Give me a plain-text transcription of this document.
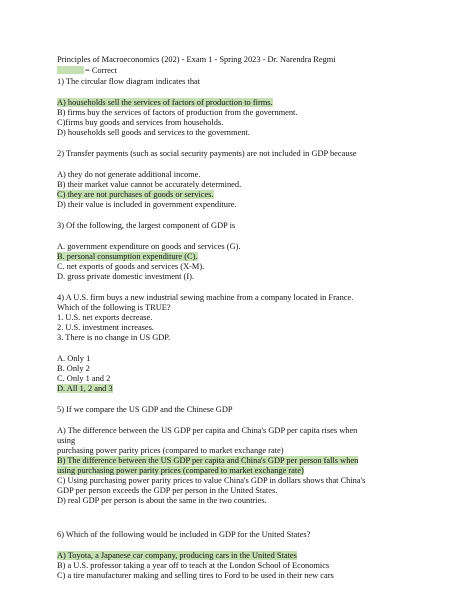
Principles of Macroeconomics (202) - Exam 1 - Spring 2023 - Dr. Narendra Regmi
= Correct
1) The circular flow diagram indicates that
A) households sell the services of factors of production to firms.
B) firms buy the services of factors of production from the government.
C)firms buy goods and services from households.
D) households sell goods and services to the government.
2) Transfer payments (such as social security payments) are not included in GDP because
A) they do not generate additional income.
B) their market value cannot be accurately determined.
C) they are not purchases of goods or services.
D) their value is included in government expenditure.
3) Of the following, the largest component of GDP is
A. government expenditure on goods and services (G).
B. personal consumption expenditure (C).
C. net exports of goods and services (X-M).
D. gross private domestic investment (I).
4) A U.S. firm buys a new industrial sewing machine from a company located in France.
Which of the following is TRUE?
1. U.S. net exports decrease.
2. U.S. investment increases.
3. There is no change in US GDP.
A. Only 1
B. Only 2
C. Only 1 and 2
D. All 1, 2 and 3
5) If we compare the US GDP and the Chinese GDP
A) The difference between the US GDP per capita and China's GDP per capita rises when
using
purchasing power parity prices (compared to market exchange rate)
B) The difference between the US GDP per capita and China's GDP per person falls when
using purchasing power parity prices (compared to market exchange rate)
C) Using purchasing power parity prices to value China's GDP in dollars shows that China's
GDP per person exceeds the GDP per person in the United States.
D) real GDP per person is about the same in the two countries.
6) Which of the following would be included in GDP for the United States?
A) Toyota, a Japanese car company, producing cars in the United States
B) a U.S. professor taking a year off to teach at the London School of Economics
C) a tire manufacturer making and selling tires to Ford to be used in their new cars
